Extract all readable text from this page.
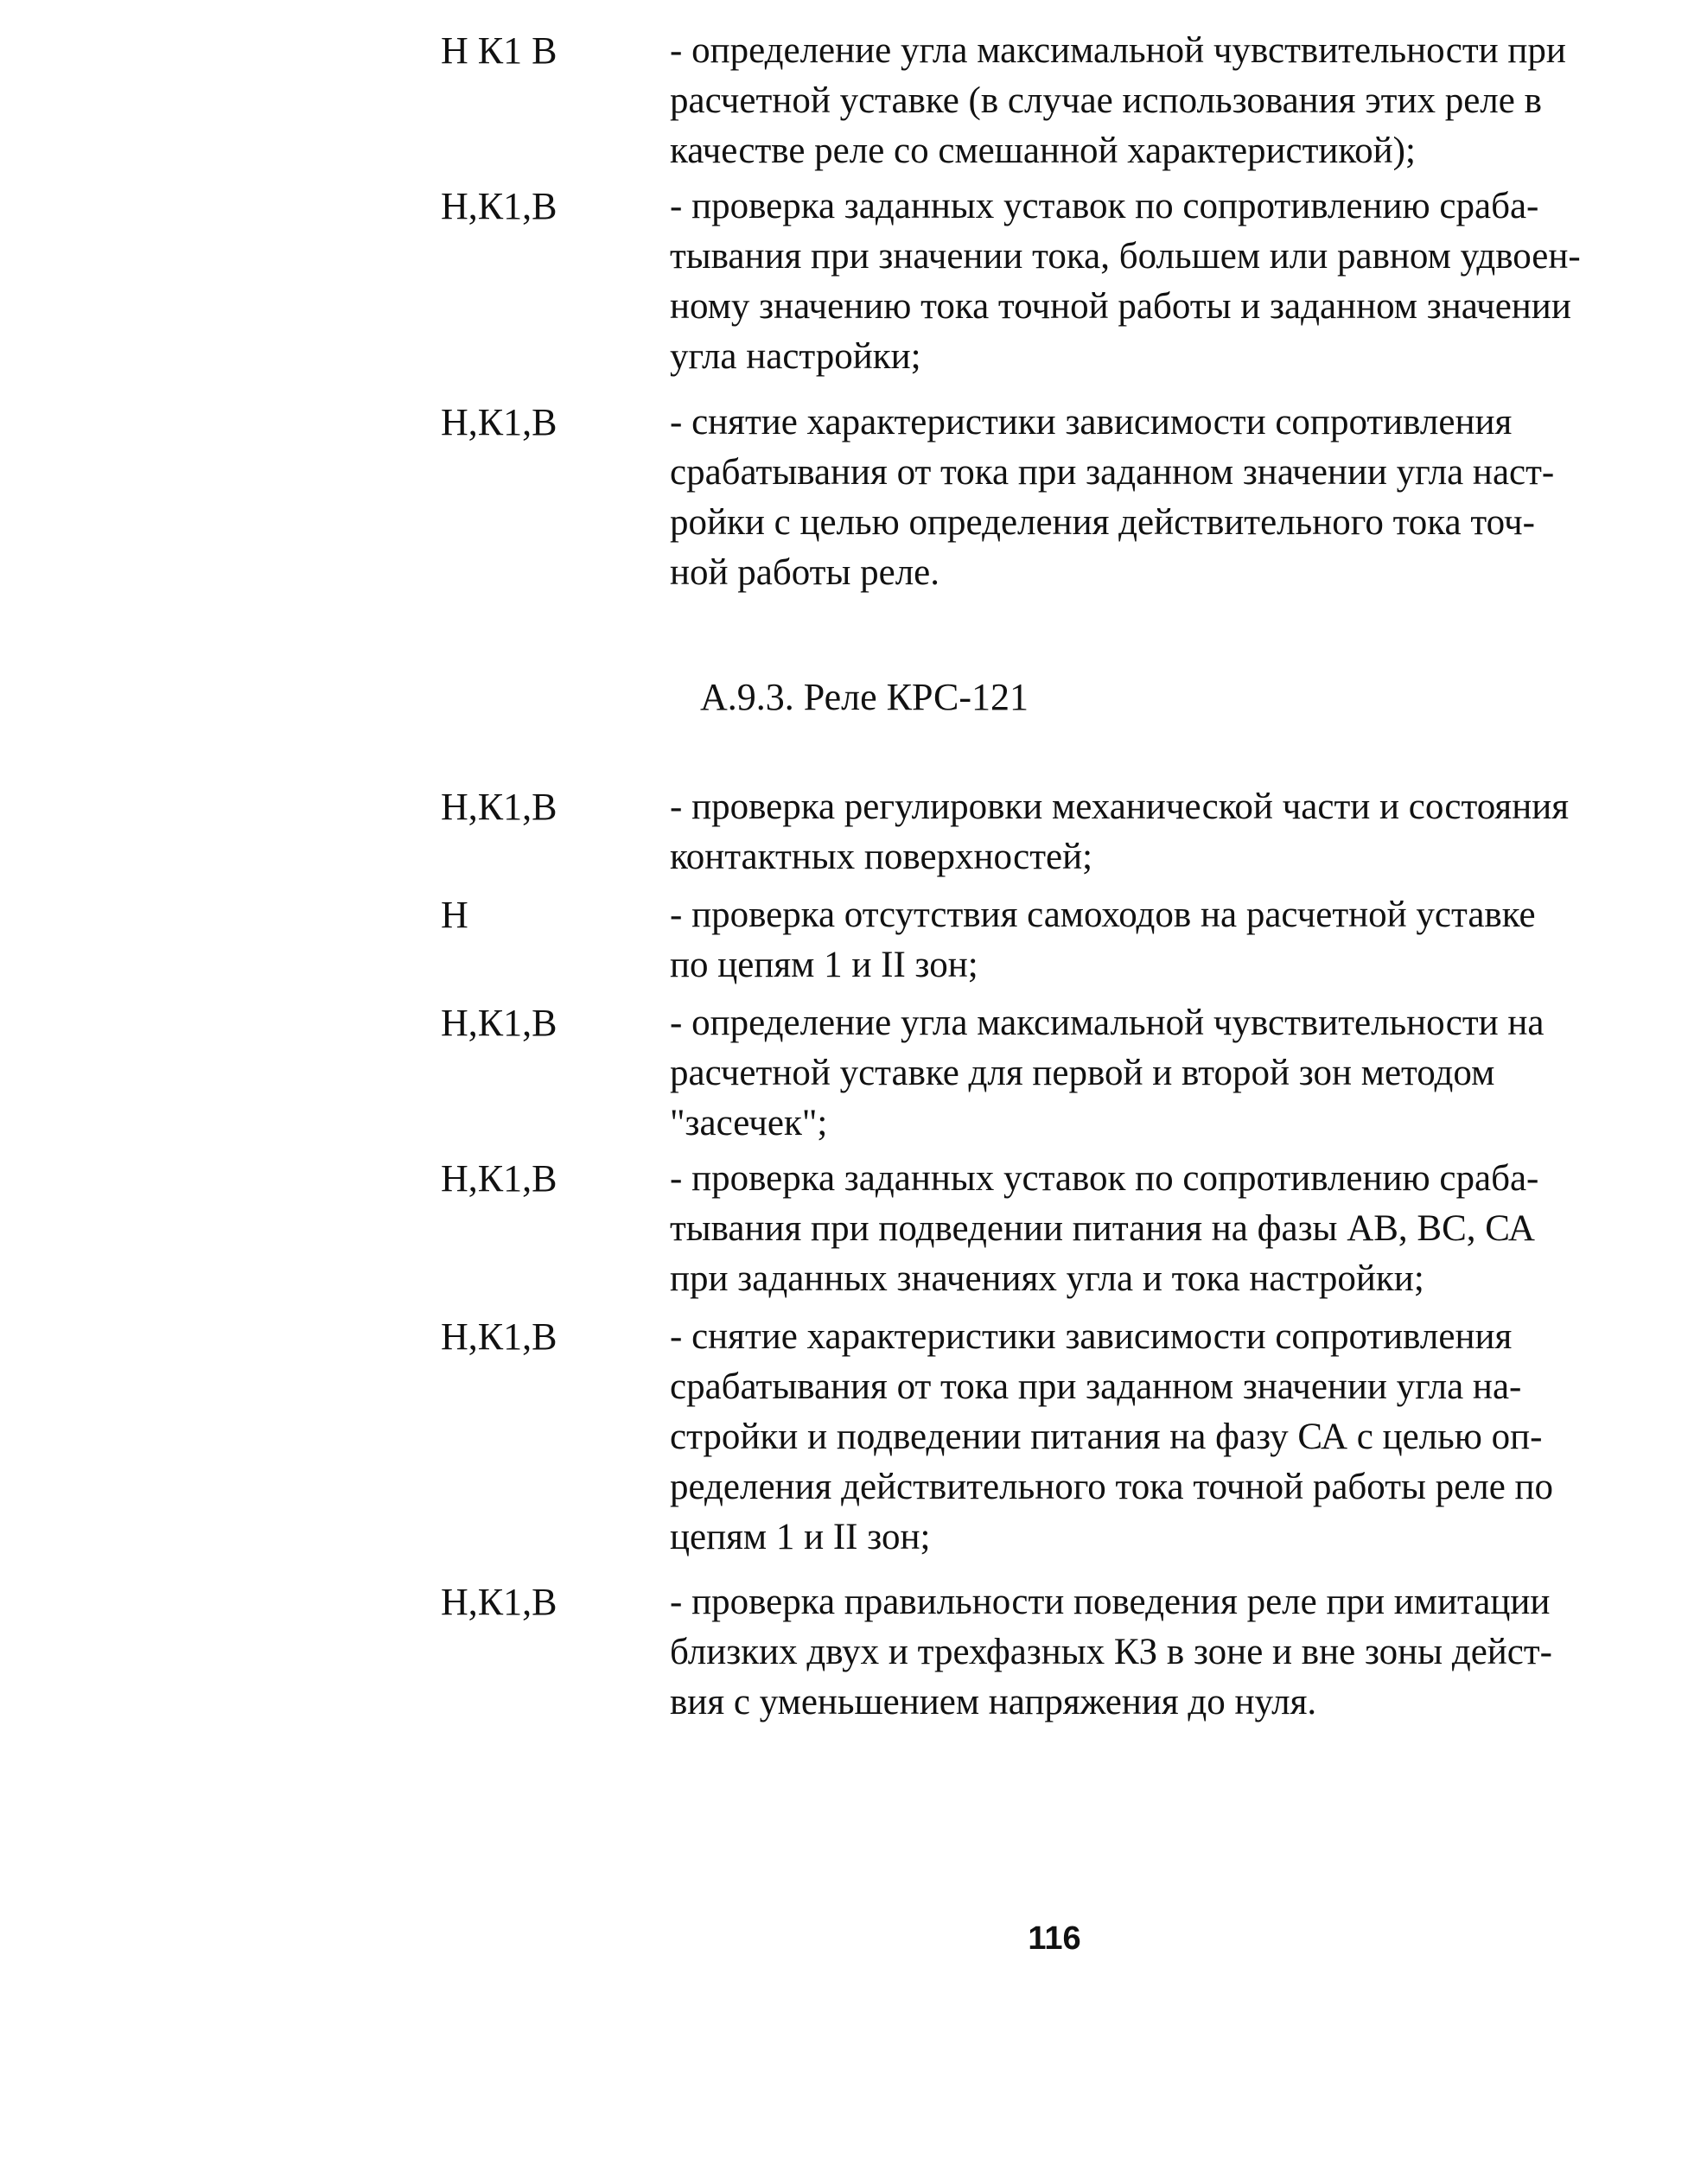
Н К1 В	- определение угла максимальной чувствительности при
расчетной уставке (в случае использования этих реле в
качестве реле со смешанной характеристикой);
Н,К1,В	- проверка заданных уставок по сопротивлению сраба-
тывания при значении тока, большем или равном удвоен-
ному значению тока точной работы и заданном значении
угла настройки;
Н,К1,В	- снятие характеристики зависимости сопротивления
срабатывания от тока при заданном значении угла наст-
ройки с целью определения действительного тока точ-
ной работы реле.
А.9.3. Реле КРС-121
Н,К1,В	- проверка регулировки механической части и состояния
контактных поверхностей;
Н	- проверка отсутствия самоходов на расчетной уставке
по цепям 1 и II зон;
Н,К1,В	- определение угла максимальной чувствительности на
расчетной уставке для первой и второй зон методом
"засечек";
Н,К1,В	- проверка заданных уставок по сопротивлению сраба-
тывания при подведении питания на фазы АВ, ВС, СА
при заданных значениях угла и тока настройки;
Н,К1,В	- снятие характеристики зависимости сопротивления
срабатывания от тока при заданном значении угла на-
стройки и подведении питания на фазу СА с целью оп-
ределения действительного тока точной работы реле по
цепям 1 и II зон;
Н,К1,В	- проверка правильности поведения реле при имитации
близких двух и трехфазных КЗ в зоне и вне зоны дейст-
вия с уменьшением напряжения до нуля.
116
